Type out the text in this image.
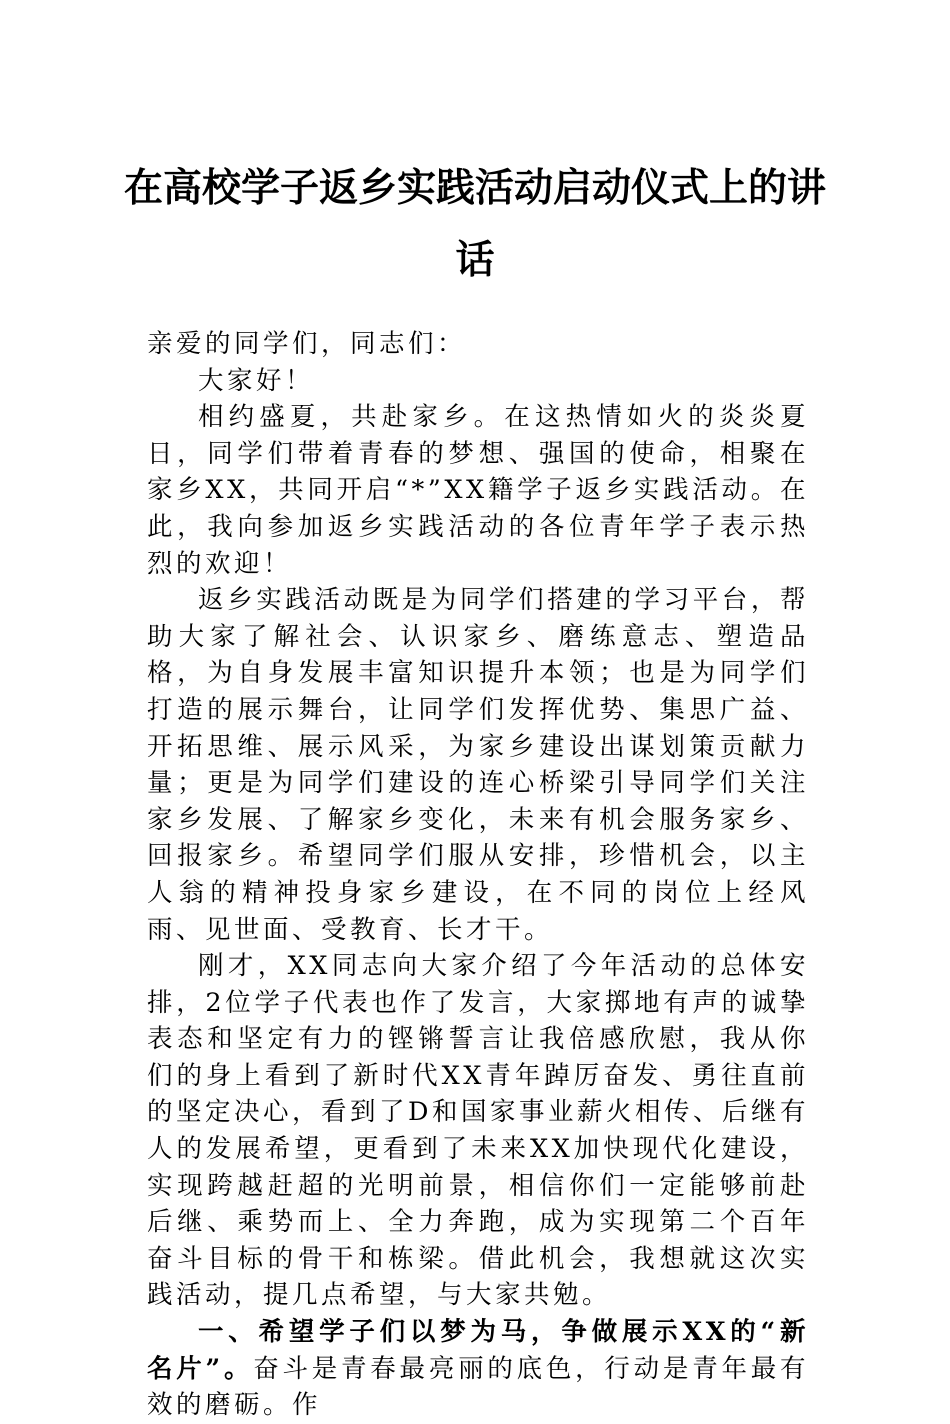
在高校学子返乡实践活动启动仪式上的讲话

亲爱的同学们，同志们：

大家好！

相约盛夏，共赴家乡。在这热情如火的炎炎夏日，同学们带着青春的梦想、强国的使命，相聚在家乡XX，共同开启“*”XX籍学子返乡实践活动。在此，我向参加返乡实践活动的各位青年学子表示热烈的欢迎！

返乡实践活动既是为同学们搭建的学习平台，帮助大家了解社会、认识家乡、磨练意志、塑造品格，为自身发展丰富知识提升本领；也是为同学们打造的展示舞台，让同学们发挥优势、集思广益、开拓思维、展示风采，为家乡建设出谋划策贡献力量；更是为同学们建设的连心桥梁引导同学们关注家乡发展、了解家乡变化，未来有机会服务家乡、回报家乡。希望同学们服从安排，珍惜机会，以主人翁的精神投身家乡建设，在不同的岗位上经风雨、见世面、受教育、长才干。

刚才，XX同志向大家介绍了今年活动的总体安排，2位学子代表也作了发言，大家掷地有声的诚挚表态和坚定有力的铿锵誓言让我倍感欣慰，我从你们的身上看到了新时代XX青年踔厉奋发、勇往直前的坚定决心，看到了D和国家事业薪火相传、后继有人的发展希望，更看到了未来XX加快现代化建设，实现跨越赶超的光明前景，相信你们一定能够前赴后继、乘势而上、全力奔跑，成为实现第二个百年奋斗目标的骨干和栋梁。借此机会，我想就这次实践活动，提几点希望，与大家共勉。

一、希望学子们以梦为马，争做展示XX的“新名片”。奋斗是青春最亮丽的底色，行动是青年最有效的磨砺。作
